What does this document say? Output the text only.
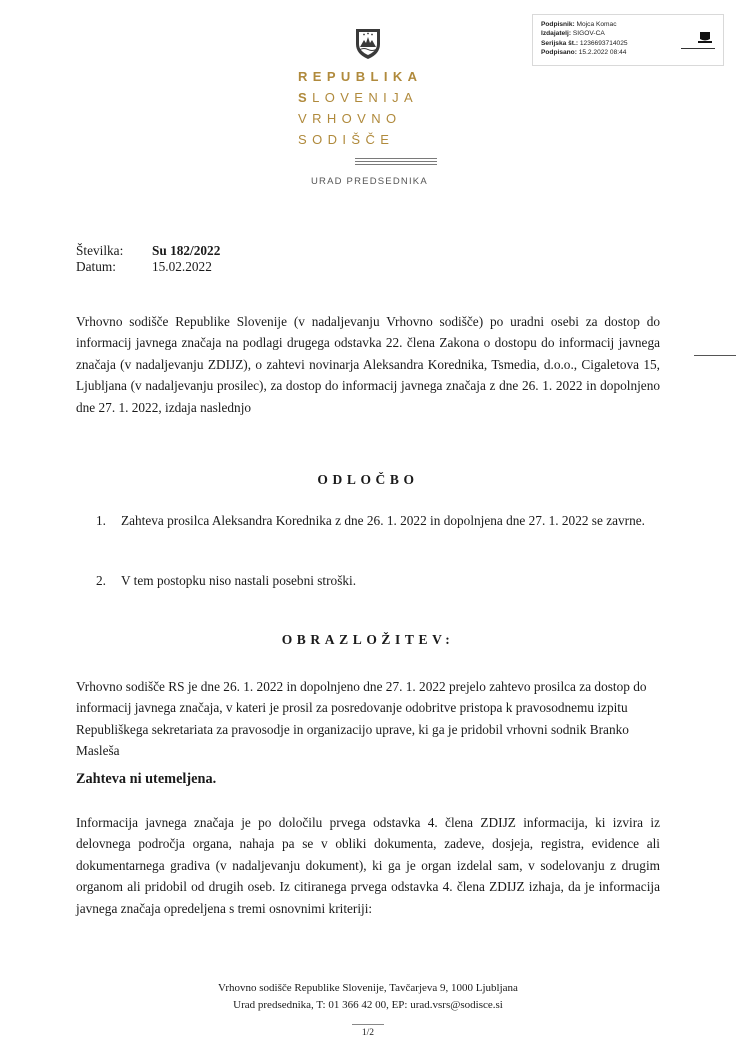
Podpisnik: Mojca Komac
Izdajatelj: SIGOV-CA
Serijska št.: 1236693714025
Podpisano: 15.2.2022 08:44
REPUBLIKA
SLOVENIJA
VRHOVNO
SODIŠČE
URAD PREDSEDNIKA
Številka:	Su 182/2022
Datum:	15.02.2022

Vrhovno sodišče Republike Slovenije (v nadaljevanju Vrhovno sodišče) po uradni osebi za dostop do informacij javnega značaja na podlagi drugega odstavka 22. člena Zakona o dostopu do informacij javnega značaja (v nadaljevanju ZDIJZ), o zahtevi novinarja Aleksandra Korednika, Tsmedia, d.o.o., Cigaletova 15, Ljubljana (v nadaljevanju prosilec), za dostop do informacij javnega značaja z dne 26. 1. 2022 in dopolnjeno dne 27. 1. 2022, izdaja naslednjo

ODLOČBO
1.	Zahteva prosilca Aleksandra Korednika z dne 26. 1. 2022 in dopolnjena dne 27. 1. 2022 se zavrne.
2.	V tem postopku niso nastali posebni stroški.
OBRAZLOŽITEV:

Vrhovno sodišče RS je dne 26. 1. 2022 in dopolnjeno dne 27. 1. 2022 prejelo zahtevo prosilca za dostop do informacij javnega značaja, v kateri je prosil za posredovanje odobritve pristopa k pravosodnemu izpitu Republiškega sekretariata za pravosodje in organizacijo uprave, ki ga je pridobil vrhovni sodnik Branko Masleša

Zahteva ni utemeljena.

Informacija javnega značaja je po določilu prvega odstavka 4. člena ZDIJZ informacija, ki izvira iz delovnega področja organa, nahaja pa se v obliki dokumenta, zadeve, dosjeja, registra, evidence ali dokumentarnega gradiva (v nadaljevanju dokument), ki ga je organ izdelal sam, v sodelovanju z drugim organom ali pridobil od drugih oseb. Iz citiranega prvega odstavka 4. člena ZDIJZ izhaja, da je informacija javnega značaja opredeljena s tremi osnovnimi kriteriji:

Vrhovno sodišče Republike Slovenije, Tavčarjeva 9, 1000 Ljubljana
Urad predsednika, T: 01 366 42 00, EP: urad.vsrs@sodisce.si
1/2
